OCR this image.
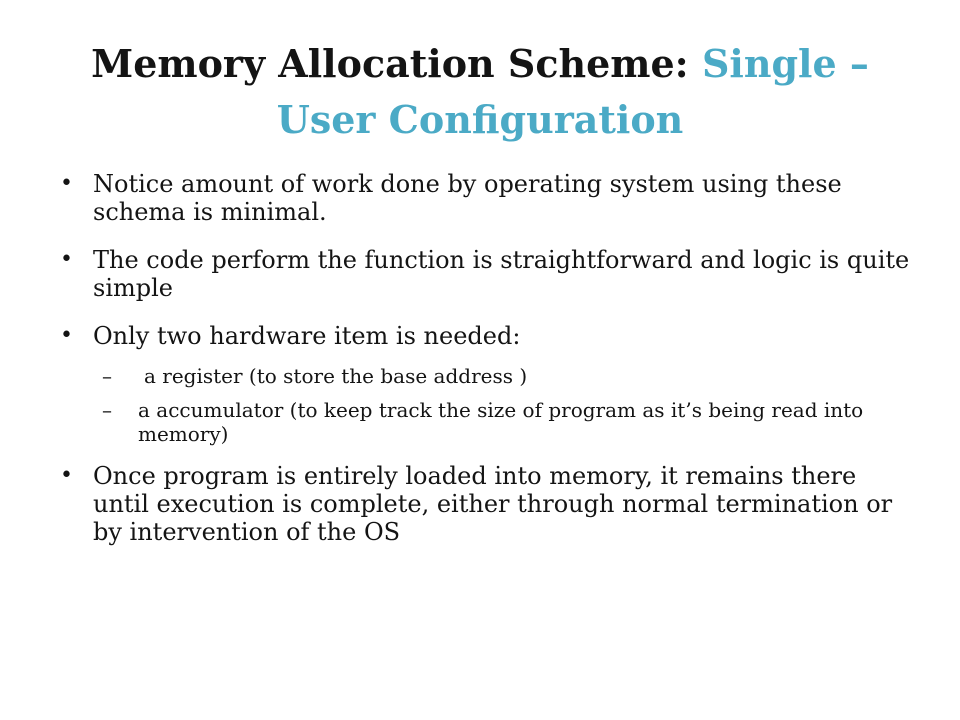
Memory Allocation Scheme: Single – User Configuration
• Notice amount of work done by operating system using these schema is minimal.
• The code perform the function is straightforward and logic is quite simple
• Only two hardware item is needed:
– a register (to store the base address )
– a accumulator (to keep track the size of program as it’s being read into memory)
• Once program is entirely loaded into memory, it remains there until execution is complete, either through normal termination or by intervention of the OS
